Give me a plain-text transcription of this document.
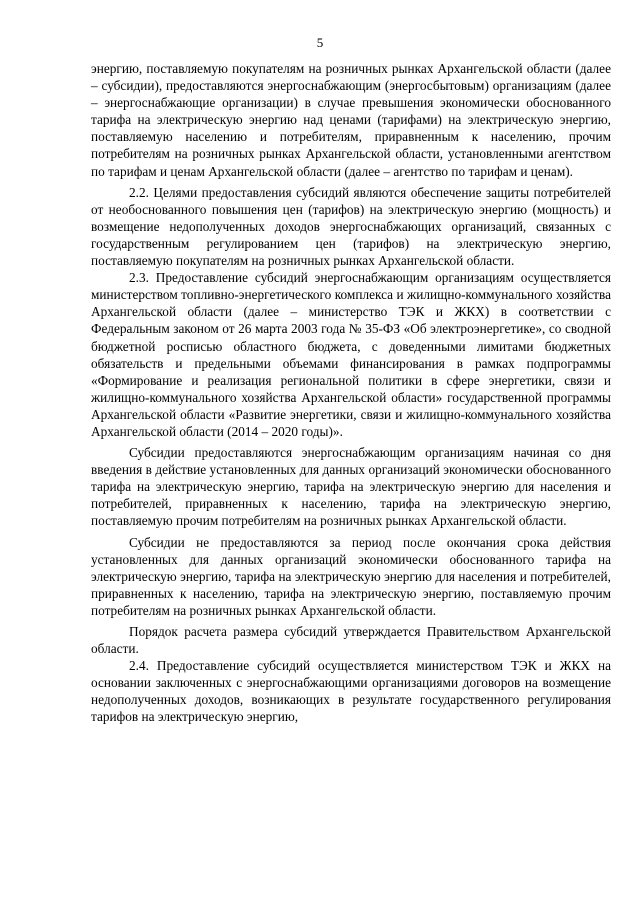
5

энергию, поставляемую покупателям на розничных рынках Архангельской области (далее – субсидии), предоставляются энергоснабжающим (энергосбытовым) организациям (далее – энергоснабжающие организации) в случае превышения экономически обоснованного тарифа на электрическую энергию над ценами (тарифами) на электрическую энергию, поставляемую населению и потребителям, приравненным к населению, прочим потребителям на розничных рынках Архангельской области, установленными агентством по тарифам и ценам Архангельской области (далее – агентство по тарифам и ценам).

2.2. Целями предоставления субсидий являются обеспечение защиты потребителей от необоснованного повышения цен (тарифов) на электрическую энергию (мощность) и возмещение недополученных доходов энергоснабжающих организаций, связанных с государственным регулированием цен (тарифов) на электрическую энергию, поставляемую покупателям на розничных рынках Архангельской области.

2.3. Предоставление субсидий энергоснабжающим организациям осуществляется министерством топливно-энергетического комплекса и жилищно-коммунального хозяйства Архангельской области (далее – министерство ТЭК и ЖКХ) в соответствии с Федеральным законом от 26 марта 2003 года № 35-ФЗ «Об электроэнергетике», со сводной бюджетной росписью областного бюджета, с доведенными лимитами бюджетных обязательств и предельными объемами финансирования в рамках подпрограммы «Формирование и реализация региональной политики в сфере энергетики, связи и жилищно-коммунального хозяйства Архангельской области» государственной программы Архангельской области «Развитие энергетики, связи и жилищно-коммунального хозяйства Архангельской области (2014 – 2020 годы)».

Субсидии предоставляются энергоснабжающим организациям начиная со дня введения в действие установленных для данных организаций экономически обоснованного тарифа на электрическую энергию, тарифа на электрическую энергию для населения и потребителей, приравненных к населению, тарифа на электрическую энергию, поставляемую прочим потребителям на розничных рынках Архангельской области.

Субсидии не предоставляются за период после окончания срока действия установленных для данных организаций экономически обоснованного тарифа на электрическую энергию, тарифа на электрическую энергию для населения и потребителей, приравненных к населению, тарифа на электрическую энергию, поставляемую прочим потребителям на розничных рынках Архангельской области.

Порядок расчета размера субсидий утверждается Правительством Архангельской области.

2.4. Предоставление субсидий осуществляется министерством ТЭК и ЖКХ на основании заключенных с энергоснабжающими организациями договоров на возмещение недополученных доходов, возникающих в результате государственного регулирования тарифов на электрическую энергию,
